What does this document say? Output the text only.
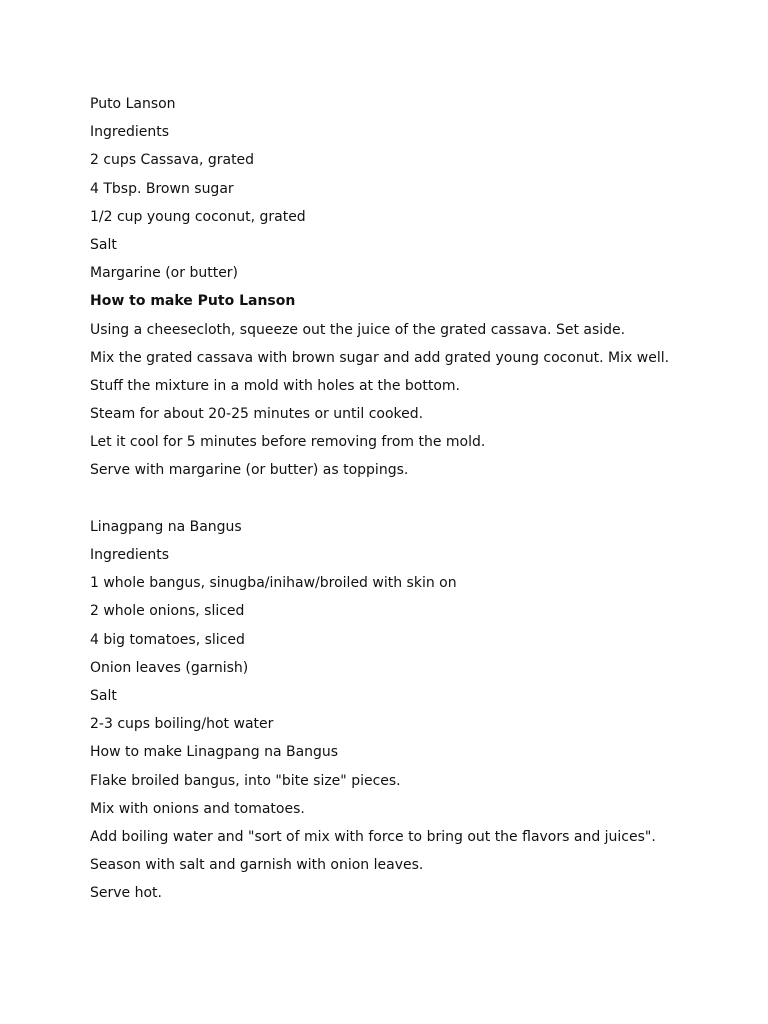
Puto Lanson
Ingredients
2 cups Cassava, grated
4 Tbsp. Brown sugar
1/2 cup young coconut, grated
Salt
Margarine (or butter)
How to make Puto Lanson
Using a cheesecloth, squeeze out the juice of the grated cassava. Set aside.
Mix the grated cassava with brown sugar and add grated young coconut. Mix well.
Stuff the mixture in a mold with holes at the bottom.
Steam for about 20-25 minutes or until cooked.
Let it cool for 5 minutes before removing from the mold.
Serve with margarine (or butter) as toppings.
Linagpang na Bangus
Ingredients
1 whole bangus, sinugba/inihaw/broiled with skin on
2 whole onions, sliced
4 big tomatoes, sliced
Onion leaves (garnish)
Salt
2-3 cups boiling/hot water
How to make Linagpang na Bangus
Flake broiled bangus, into "bite size" pieces.
Mix with onions and tomatoes.
Add boiling water and "sort of mix with force to bring out the flavors and juices".
Season with salt and garnish with onion leaves.
Serve hot.
